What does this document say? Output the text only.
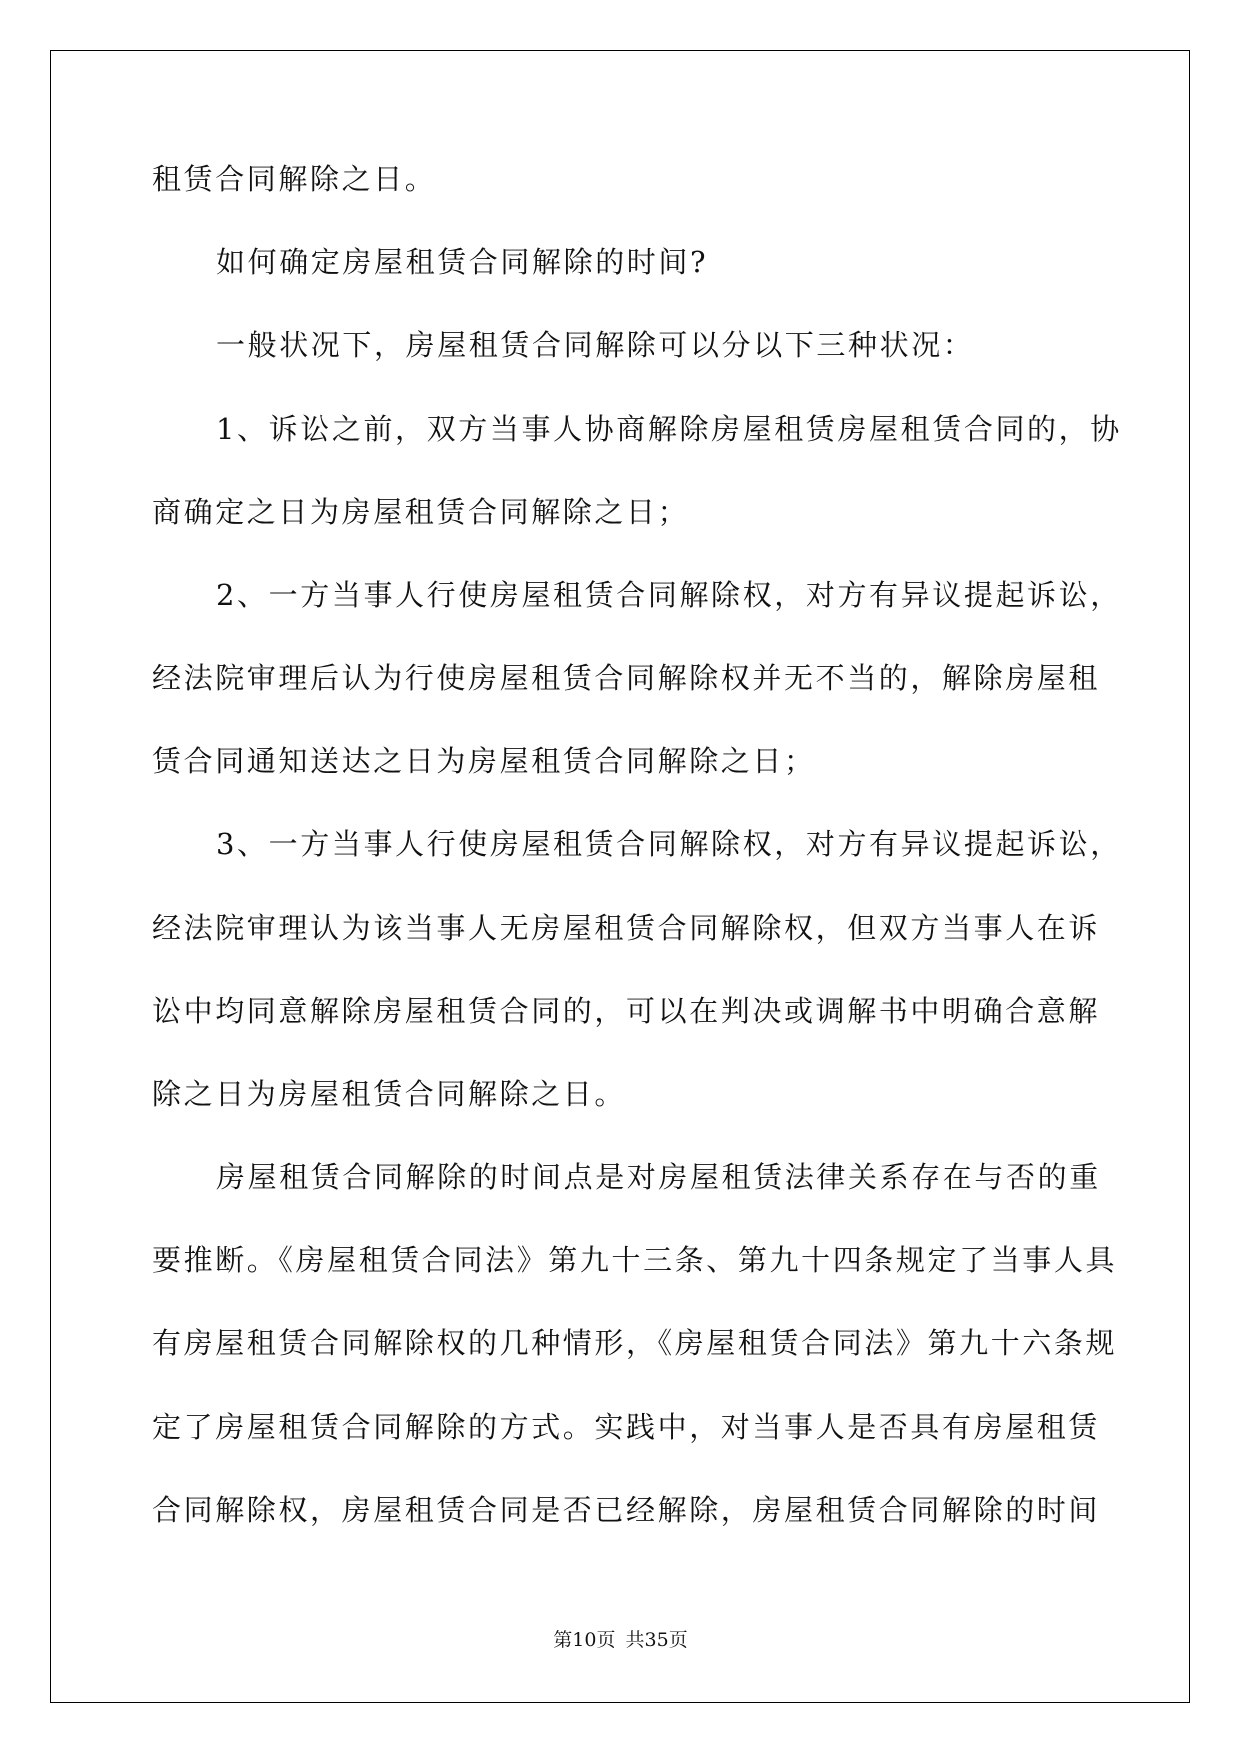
租赁合同解除之日。
如何确定房屋租赁合同解除的时间?
一般状况下，房屋租赁合同解除可以分以下三种状况：
1、诉讼之前，双方当事人协商解除房屋租赁房屋租赁合同的，协
商确定之日为房屋租赁合同解除之日；
2、一方当事人行使房屋租赁合同解除权，对方有异议提起诉讼，
经法院审理后认为行使房屋租赁合同解除权并无不当的，解除房屋租
赁合同通知送达之日为房屋租赁合同解除之日；
3、一方当事人行使房屋租赁合同解除权，对方有异议提起诉讼，
经法院审理认为该当事人无房屋租赁合同解除权，但双方当事人在诉
讼中均同意解除房屋租赁合同的，可以在判决或调解书中明确合意解
除之日为房屋租赁合同解除之日。
房屋租赁合同解除的时间点是对房屋租赁法律关系存在与否的重
要推断。《房屋租赁合同法》第九十三条、第九十四条规定了当事人具
有房屋租赁合同解除权的几种情形，《房屋租赁合同法》第九十六条规
定了房屋租赁合同解除的方式。实践中，对当事人是否具有房屋租赁
合同解除权，房屋租赁合同是否已经解除，房屋租赁合同解除的时间
第10页 共35页
